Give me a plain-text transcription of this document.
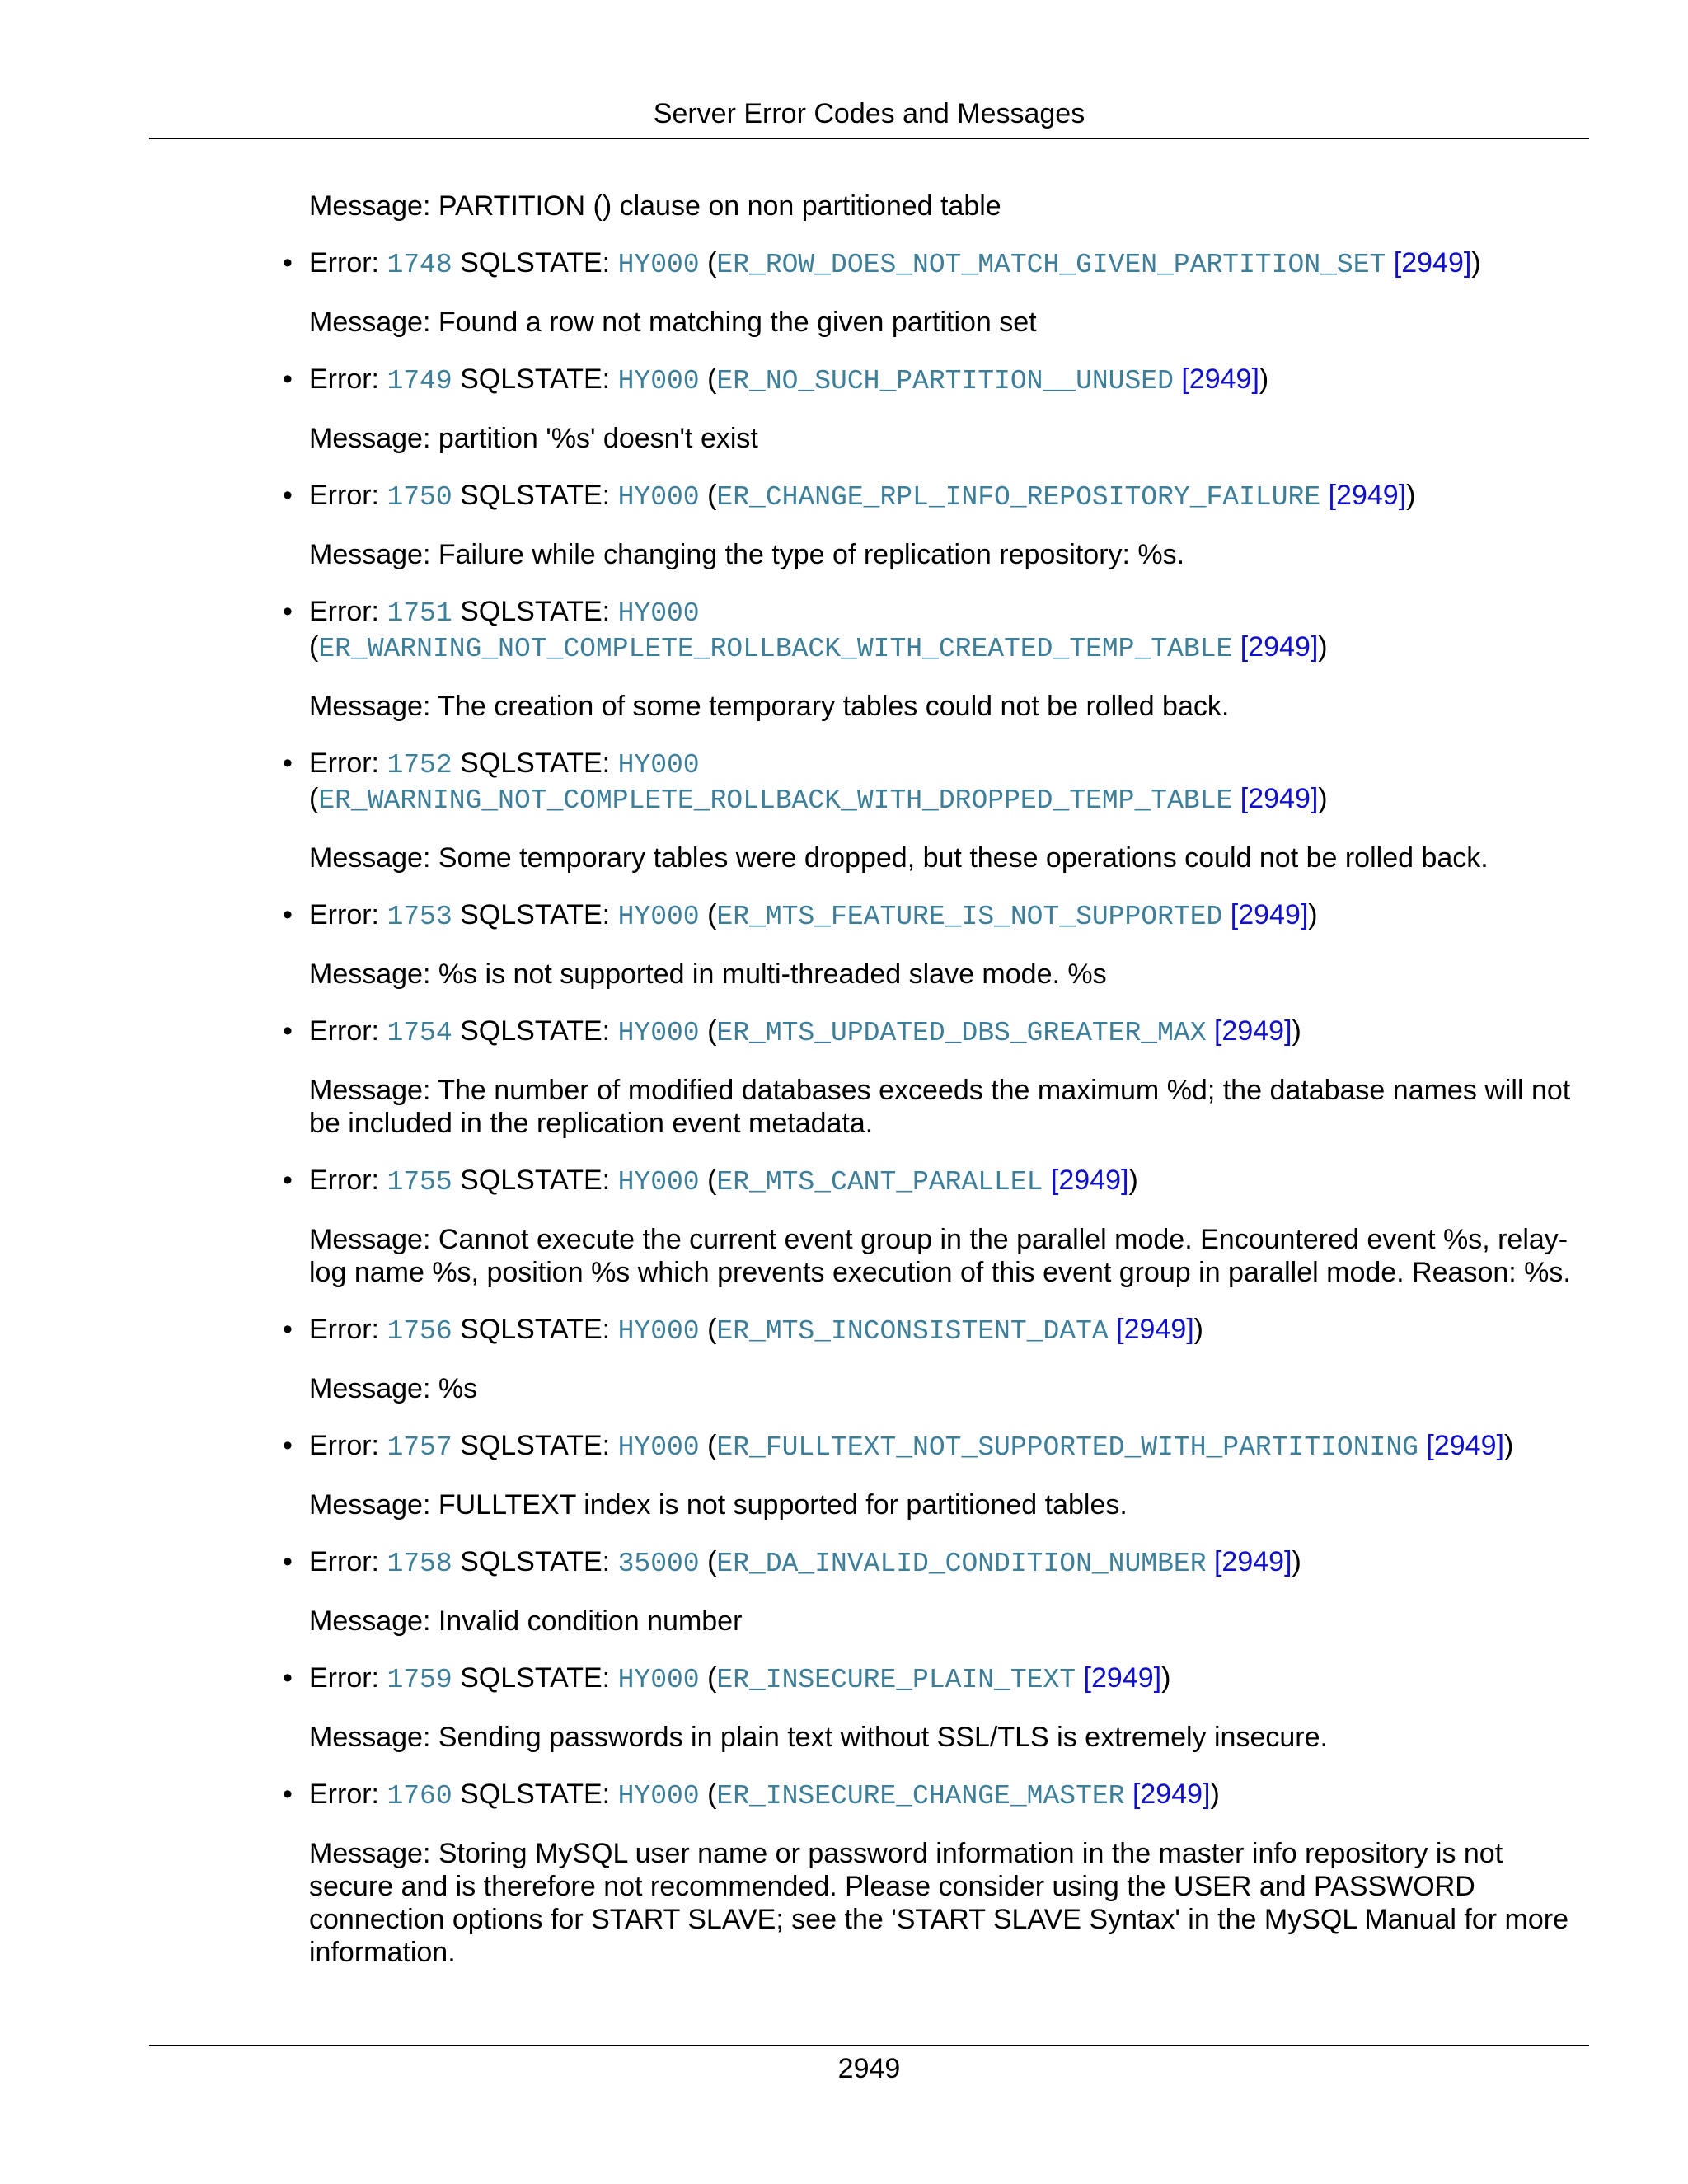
Server Error Codes and Messages

Message: PARTITION () clause on non partitioned table

• Error: 1748 SQLSTATE: HY000 (ER_ROW_DOES_NOT_MATCH_GIVEN_PARTITION_SET [2949])

Message: Found a row not matching the given partition set

• Error: 1749 SQLSTATE: HY000 (ER_NO_SUCH_PARTITION__UNUSED [2949])

Message: partition '%s' doesn't exist

• Error: 1750 SQLSTATE: HY000 (ER_CHANGE_RPL_INFO_REPOSITORY_FAILURE [2949])

Message: Failure while changing the type of replication repository: %s.

• Error: 1751 SQLSTATE: HY000 (ER_WARNING_NOT_COMPLETE_ROLLBACK_WITH_CREATED_TEMP_TABLE [2949])

Message: The creation of some temporary tables could not be rolled back.

• Error: 1752 SQLSTATE: HY000 (ER_WARNING_NOT_COMPLETE_ROLLBACK_WITH_DROPPED_TEMP_TABLE [2949])

Message: Some temporary tables were dropped, but these operations could not be rolled back.

• Error: 1753 SQLSTATE: HY000 (ER_MTS_FEATURE_IS_NOT_SUPPORTED [2949])

Message: %s is not supported in multi-threaded slave mode. %s

• Error: 1754 SQLSTATE: HY000 (ER_MTS_UPDATED_DBS_GREATER_MAX [2949])

Message: The number of modified databases exceeds the maximum %d; the database names will not be included in the replication event metadata.

• Error: 1755 SQLSTATE: HY000 (ER_MTS_CANT_PARALLEL [2949])

Message: Cannot execute the current event group in the parallel mode. Encountered event %s, relay-log name %s, position %s which prevents execution of this event group in parallel mode. Reason: %s.

• Error: 1756 SQLSTATE: HY000 (ER_MTS_INCONSISTENT_DATA [2949])

Message: %s

• Error: 1757 SQLSTATE: HY000 (ER_FULLTEXT_NOT_SUPPORTED_WITH_PARTITIONING [2949])

Message: FULLTEXT index is not supported for partitioned tables.

• Error: 1758 SQLSTATE: 35000 (ER_DA_INVALID_CONDITION_NUMBER [2949])

Message: Invalid condition number

• Error: 1759 SQLSTATE: HY000 (ER_INSECURE_PLAIN_TEXT [2949])

Message: Sending passwords in plain text without SSL/TLS is extremely insecure.

• Error: 1760 SQLSTATE: HY000 (ER_INSECURE_CHANGE_MASTER [2949])

Message: Storing MySQL user name or password information in the master info repository is not secure and is therefore not recommended. Please consider using the USER and PASSWORD connection options for START SLAVE; see the 'START SLAVE Syntax' in the MySQL Manual for more information.

2949
